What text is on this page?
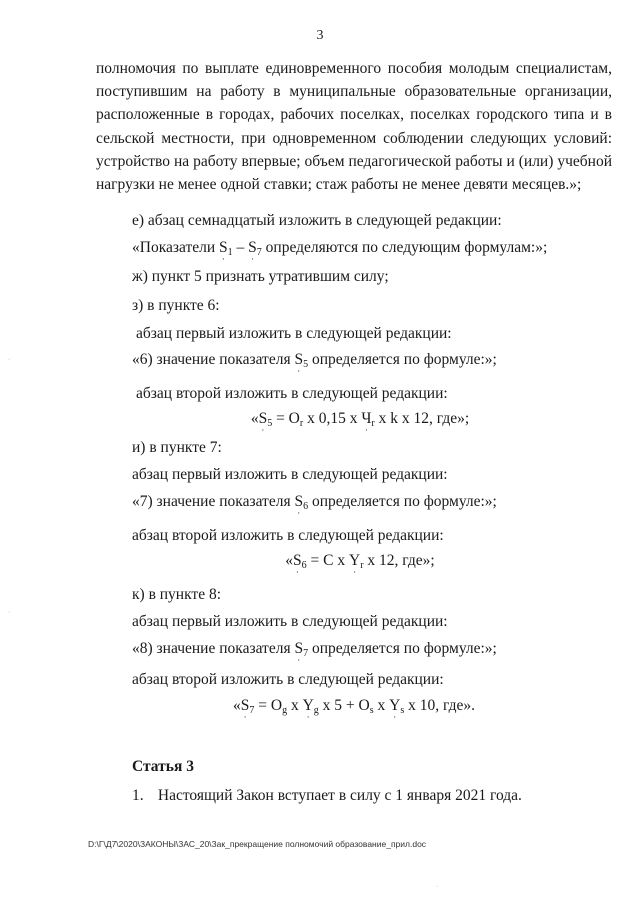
3
полномочия по выплате единовременного пособия молодым специалистам, поступившим на работу в муниципальные образовательные организации, расположенные в городах, рабочих поселках, поселках городского типа и в сельской местности, при одновременном соблюдении следующих условий: устройство на работу впервые; объем педагогической работы и (или) учебной нагрузки не менее одной ставки; стаж работы не менее девяти месяцев.»;
е) абзац семнадцатый изложить в следующей редакции:
«Показатели S
·
$_1$ – S
·
$_7$ определяются по следующим формулам:»;
ж) пункт 5 признать утратившим силу;
з) в пункте 6:
абзац первый изложить в следующей редакции:
«6) значение показателя S
·
$_5$ определяется по формуле:»;
абзац второй изложить в следующей редакции:
«S
·
$_5 = O_r$ x 0,15 x Ч
·
$_r$ x k x 12, где»;
и) в пункте 7:
абзац первый изложить в следующей редакции:
«7) значение показателя S
·
$_6$ определяется по формуле:»;
абзац второй изложить в следующей редакции:
«S
·
$_6$ = C x Y
·
$_r$ x 12, где»;
к) в пункте 8:
абзац первый изложить в следующей редакции:
«8) значение показателя S
·
$_7$ определяется по формуле:»;
абзац второй изложить в следующей редакции:
«S
·
$_7 = O_g$ x Y
·
$_g$ x $5 + O_s$ x Y
·
$_s$ x 10, где».
Статья 3
1. Настоящий Закон вступает в силу с 1 января 2021 года.
D:\Г\Д7\2020\ЗАКОНЫ\ЗАС_20\Зак_прекращение полномочий образование_прил.doc
·
·
·
